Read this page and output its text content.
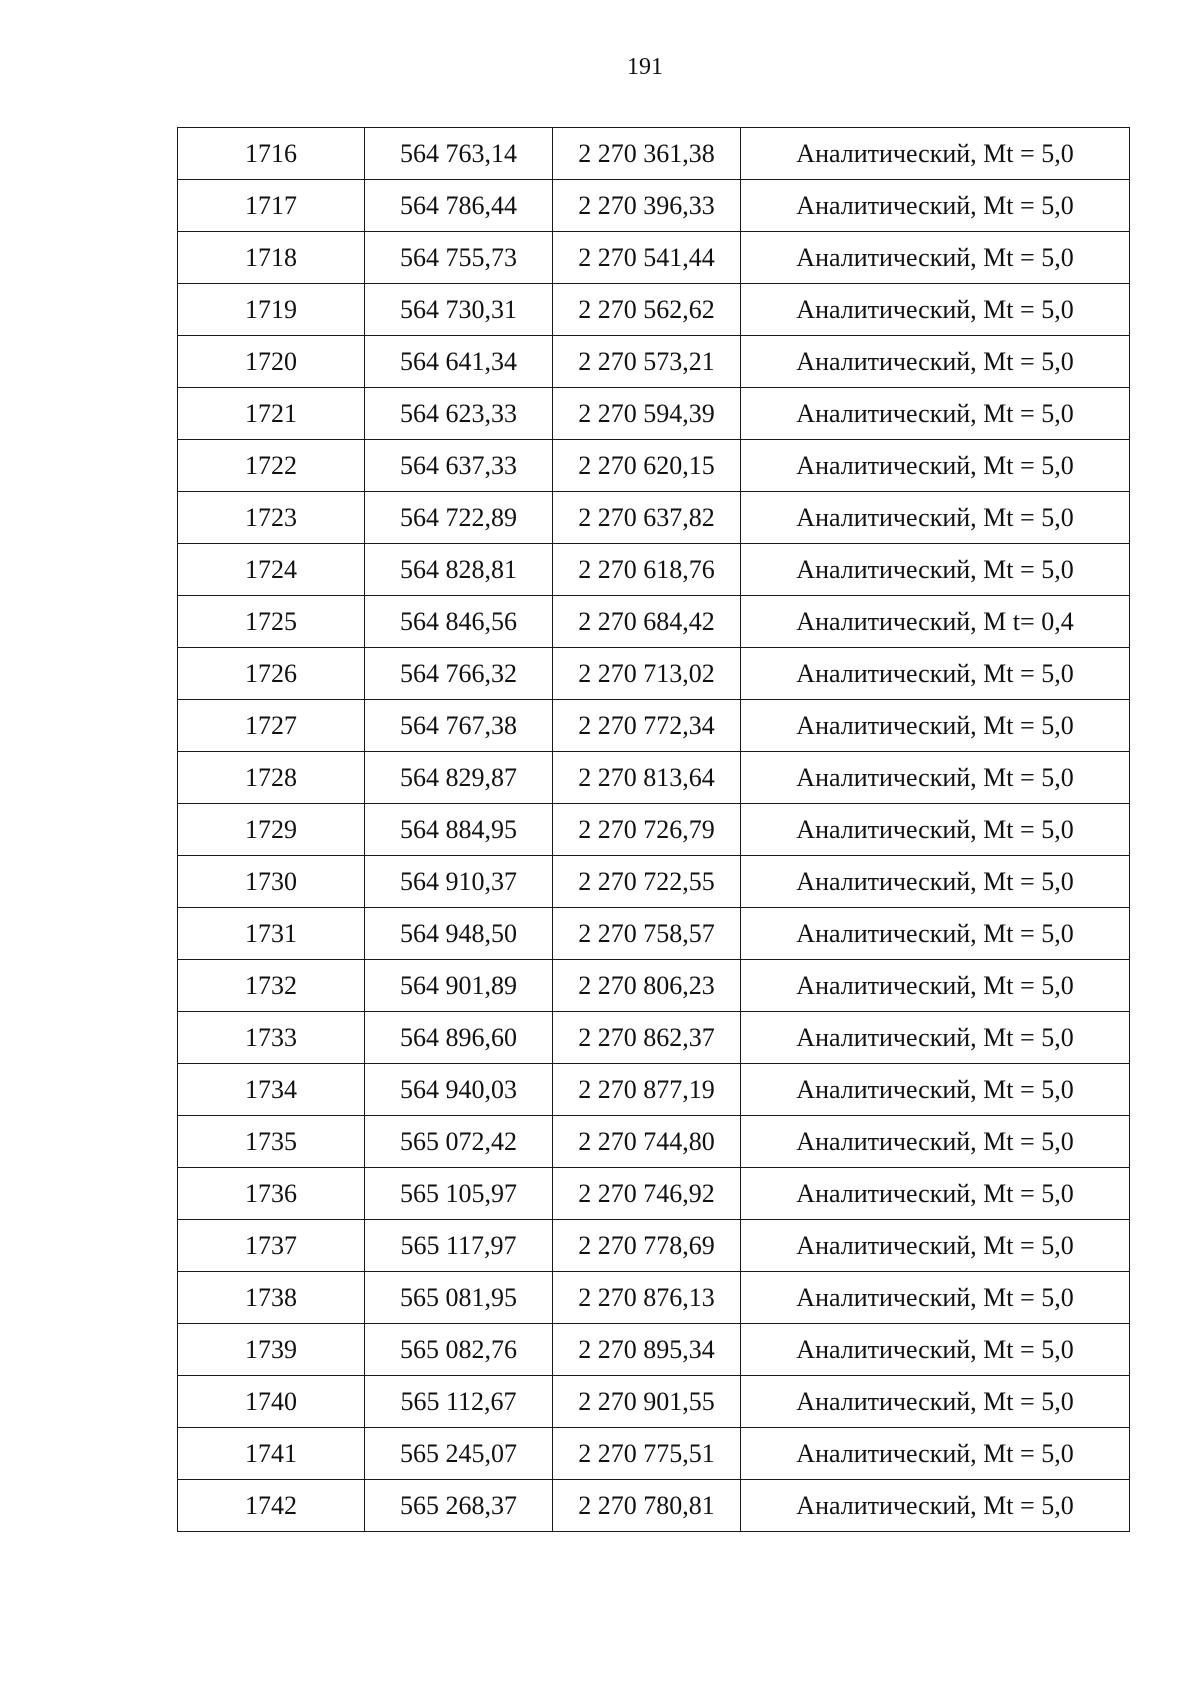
191
1716	564 763,14	2 270 361,38	Аналитический, Mt = 5,0
1717	564 786,44	2 270 396,33	Аналитический, Mt = 5,0
1718	564 755,73	2 270 541,44	Аналитический, Mt = 5,0
1719	564 730,31	2 270 562,62	Аналитический, Mt = 5,0
1720	564 641,34	2 270 573,21	Аналитический, Mt = 5,0
1721	564 623,33	2 270 594,39	Аналитический, Mt = 5,0
1722	564 637,33	2 270 620,15	Аналитический, Mt = 5,0
1723	564 722,89	2 270 637,82	Аналитический, Mt = 5,0
1724	564 828,81	2 270 618,76	Аналитический, Mt = 5,0
1725	564 846,56	2 270 684,42	Аналитический, M t= 0,4
1726	564 766,32	2 270 713,02	Аналитический, Mt = 5,0
1727	564 767,38	2 270 772,34	Аналитический, Mt = 5,0
1728	564 829,87	2 270 813,64	Аналитический, Mt = 5,0
1729	564 884,95	2 270 726,79	Аналитический, Mt = 5,0
1730	564 910,37	2 270 722,55	Аналитический, Mt = 5,0
1731	564 948,50	2 270 758,57	Аналитический, Mt = 5,0
1732	564 901,89	2 270 806,23	Аналитический, Mt = 5,0
1733	564 896,60	2 270 862,37	Аналитический, Mt = 5,0
1734	564 940,03	2 270 877,19	Аналитический, Mt = 5,0
1735	565 072,42	2 270 744,80	Аналитический, Mt = 5,0
1736	565 105,97	2 270 746,92	Аналитический, Mt = 5,0
1737	565 117,97	2 270 778,69	Аналитический, Mt = 5,0
1738	565 081,95	2 270 876,13	Аналитический, Mt = 5,0
1739	565 082,76	2 270 895,34	Аналитический, Mt = 5,0
1740	565 112,67	2 270 901,55	Аналитический, Mt = 5,0
1741	565 245,07	2 270 775,51	Аналитический, Mt = 5,0
1742	565 268,37	2 270 780,81	Аналитический, Mt = 5,0
